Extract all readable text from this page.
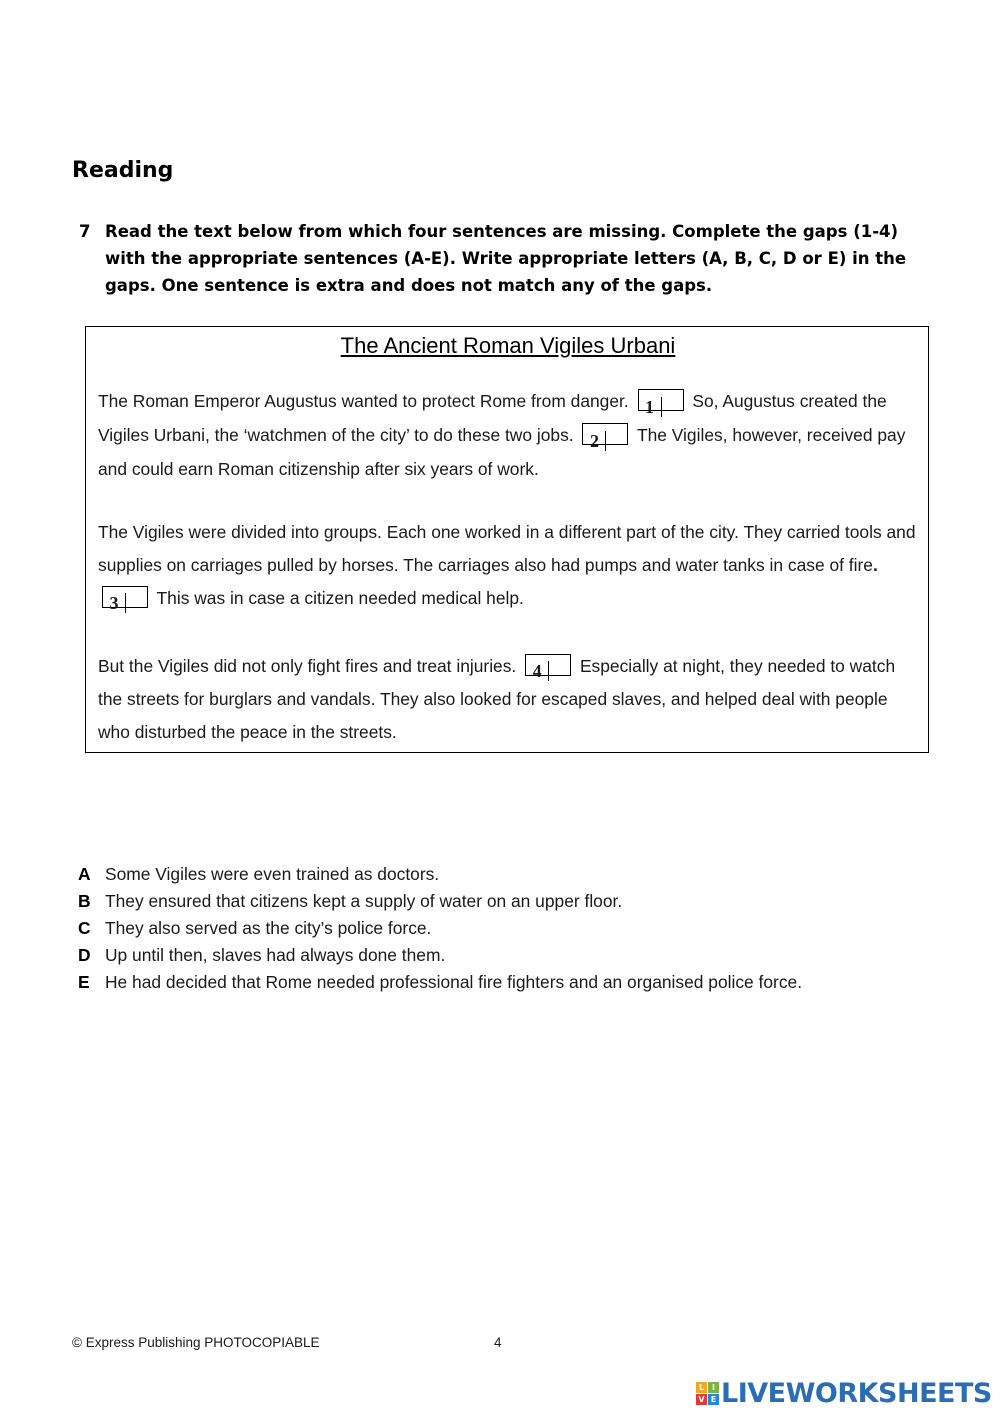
Reading
7 Read the text below from which four sentences are missing. Complete the gaps (1-4) with the appropriate sentences (A-E). Write appropriate letters (A, B, C, D or E) in the gaps. One sentence is extra and does not match any of the gaps.
The Ancient Roman Vigiles Urbani
The Roman Emperor Augustus wanted to protect Rome from danger. 1 So, Augustus created the Vigiles Urbani, the ‘watchmen of the city’ to do these two jobs. 2 The Vigiles, however, received pay and could earn Roman citizenship after six years of work.
The Vigiles were divided into groups. Each one worked in a different part of the city. They carried tools and supplies on carriages pulled by horses. The carriages also had pumps and water tanks in case of fire. 3 This was in case a citizen needed medical help.
But the Vigiles did not only fight fires and treat injuries. 4 Especially at night, they needed to watch the streets for burglars and vandals. They also looked for escaped slaves, and helped deal with people who disturbed the peace in the streets.
A Some Vigiles were even trained as doctors.
B They ensured that citizens kept a supply of water on an upper floor.
C They also served as the city’s police force.
D Up until then, slaves had always done them.
E He had decided that Rome needed professional fire fighters and an organised police force.
© Express Publishing PHOTOCOPIABLE	4
L I
V E LIVEWORKSHEETS
